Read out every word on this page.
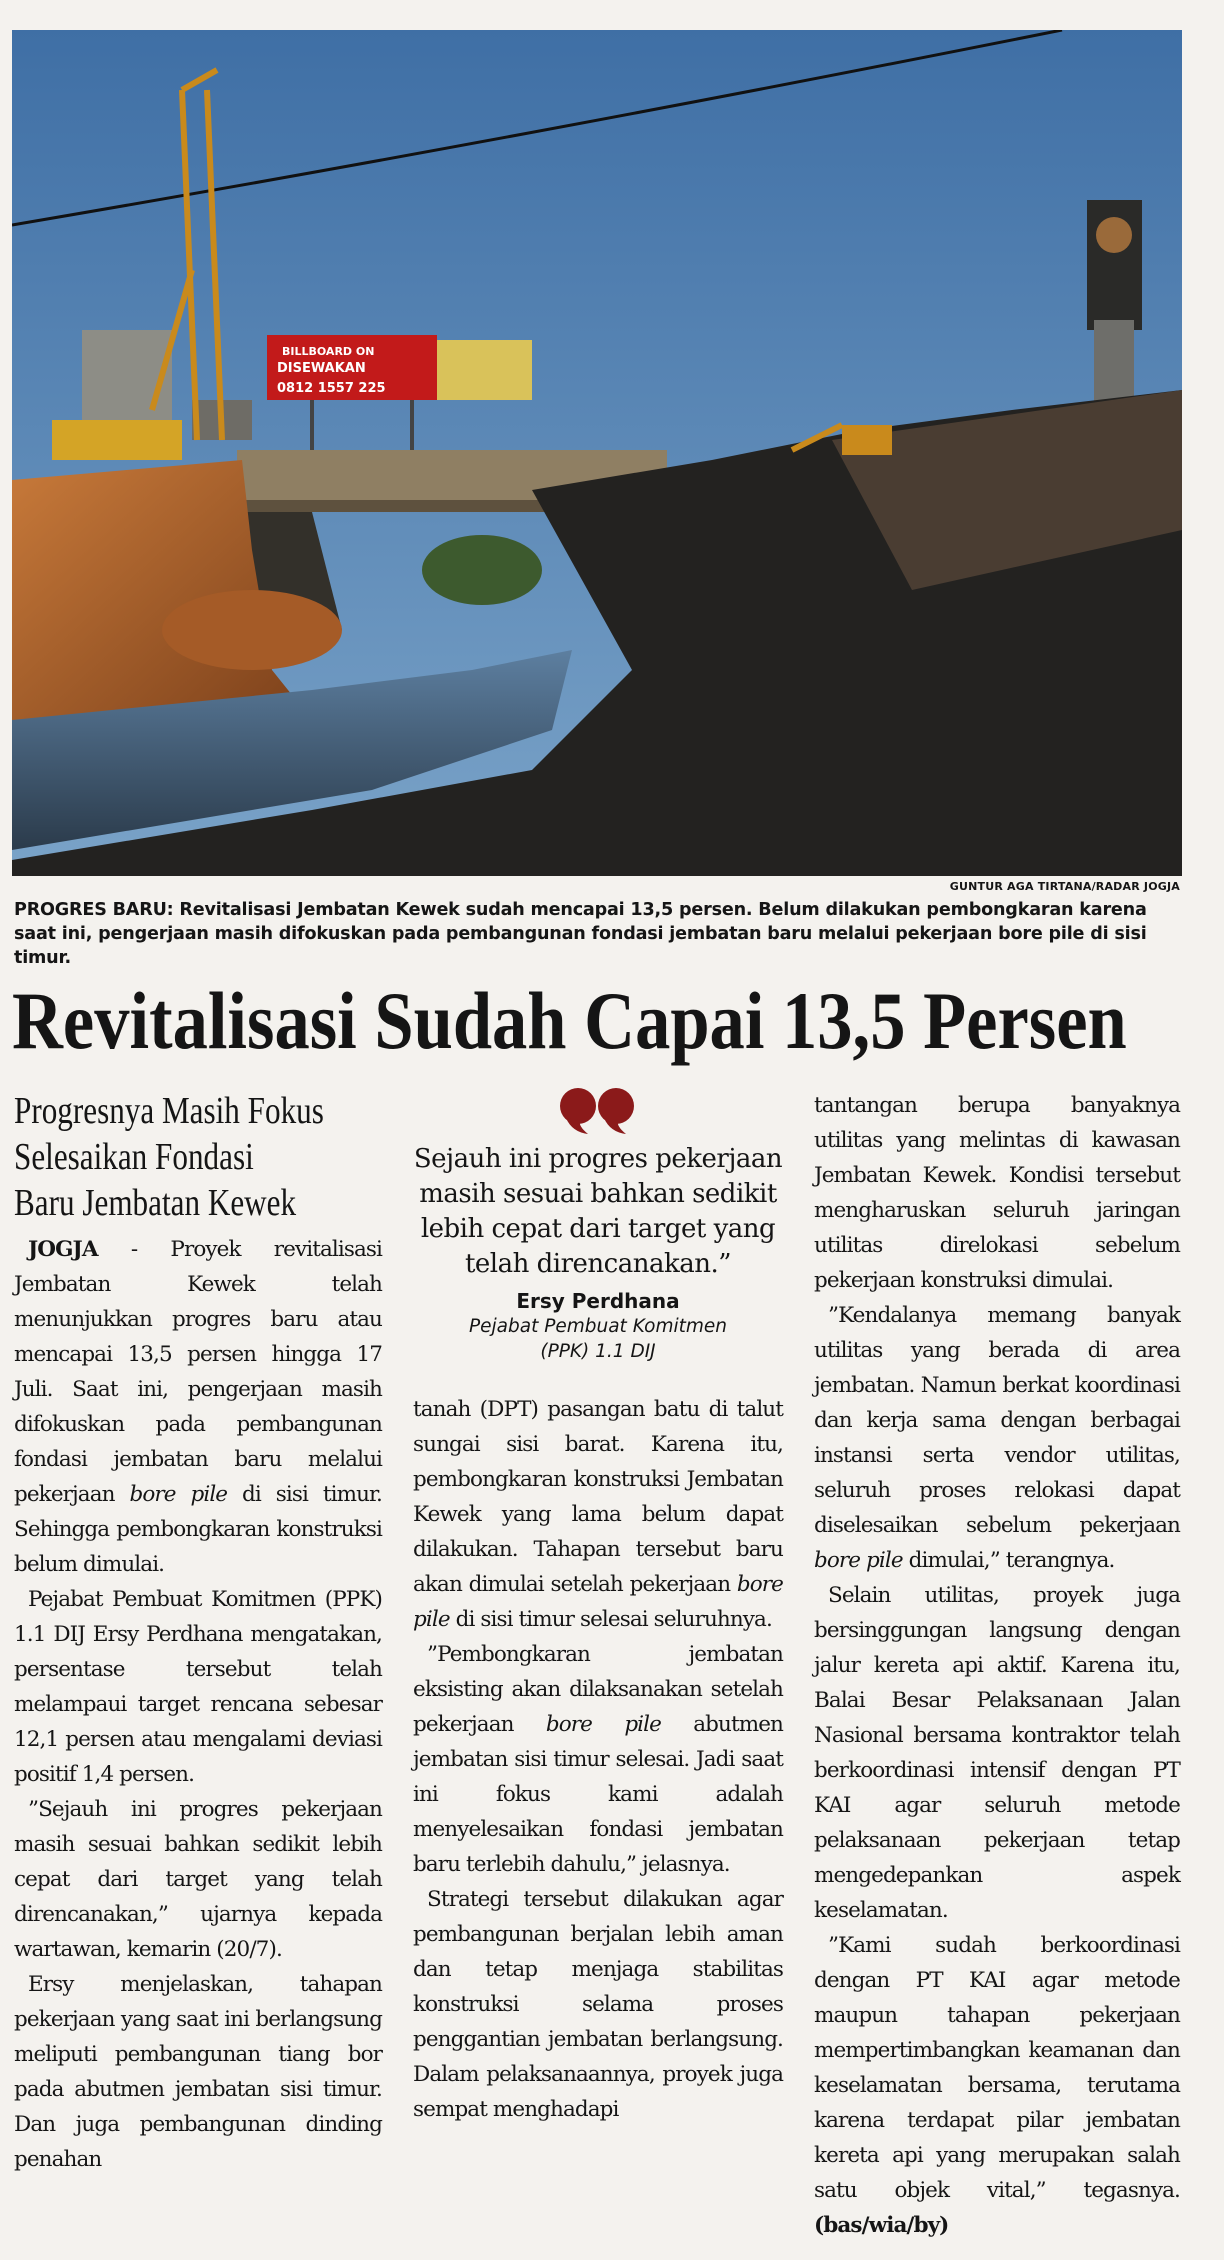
BILLBOARD ON
DISEWAKAN
0812 1557 225
GUNTUR AGA TIRTANA/RADAR JOGJA
PROGRES BARU: Revitalisasi Jembatan Kewek sudah mencapai 13,5 persen. Belum dilakukan pembongkaran karena
saat ini, pengerjaan masih difokuskan pada pembangunan fondasi jembatan baru melalui pekerjaan bore pile di sisi timur.
Revitalisasi Sudah Capai 13,5 Persen
Progresnya Masih Fokus
Selesaikan Fondasi
Baru Jembatan Kewek

JOGJA - Proyek revitalisasi Jembatan Kewek telah menunjukkan progres baru atau mencapai 13,5 persen hingga 17 Juli. Saat ini, pengerjaan masih difokuskan pada pembangunan fondasi jembatan baru melalui pekerjaan bore pile di sisi timur. Sehingga pembongkaran konstruksi belum dimulai.

Pejabat Pembuat Komitmen (PPK) 1.1 DIJ Ersy Perdhana mengatakan, persentase tersebut telah melampaui target rencana sebesar 12,1 persen atau mengalami deviasi positif 1,4 persen.

”Sejauh ini progres pekerjaan masih sesuai bahkan sedikit lebih cepat dari target yang telah direncanakan,” ujarnya kepada wartawan, kemarin (20/7).

Ersy menjelaskan, tahapan pekerjaan yang saat ini berlangsung meliputi pembangunan tiang bor pada abutmen jembatan sisi timur. Dan juga pembangunan dinding penahan

Sejauh ini progres pekerjaan masih sesuai bahkan sedikit lebih cepat dari target yang telah direncanakan.”
Ersy Perdhana
Pejabat Pembuat Komitmen
(PPK) 1.1 DIJ

tanah (DPT) pasangan batu di talut sungai sisi barat. Karena itu, pembongkaran konstruksi Jembatan Kewek yang lama belum dapat dilakukan. Tahapan tersebut baru akan dimulai setelah pekerjaan bore pile di sisi timur selesai seluruhnya.

”Pembongkaran jembatan eksisting akan dilaksanakan setelah pekerjaan bore pile abutmen jembatan sisi timur selesai. Jadi saat ini fokus kami adalah menyelesaikan fondasi jembatan baru terlebih dahulu,” jelasnya.

Strategi tersebut dilakukan agar pembangunan berjalan lebih aman dan tetap menjaga stabilitas konstruksi selama proses penggantian jembatan berlangsung. Dalam pelaksanaannya, proyek juga sempat menghadapi

tantangan berupa banyaknya utilitas yang melintas di kawasan Jembatan Kewek. Kondisi tersebut mengharuskan seluruh jaringan utilitas direlokasi sebelum pekerjaan konstruksi dimulai.

”Kendalanya memang banyak utilitas yang berada di area jembatan. Namun berkat koordinasi dan kerja sama dengan berbagai instansi serta vendor utilitas, seluruh proses relokasi dapat diselesaikan sebelum pekerjaan bore pile dimulai,” terangnya.

Selain utilitas, proyek juga bersinggungan langsung dengan jalur kereta api aktif. Karena itu, Balai Besar Pelaksanaan Jalan Nasional bersama kontraktor telah berkoordinasi intensif dengan PT KAI agar seluruh metode pelaksanaan pekerjaan tetap mengedepankan aspek keselamatan.

”Kami sudah berkoordinasi dengan PT KAI agar metode maupun tahapan pekerjaan mempertimbangkan keamanan dan keselamatan bersama, terutama karena terdapat pilar jembatan kereta api yang merupakan salah satu objek vital,” tegasnya. (bas/wia/by)
